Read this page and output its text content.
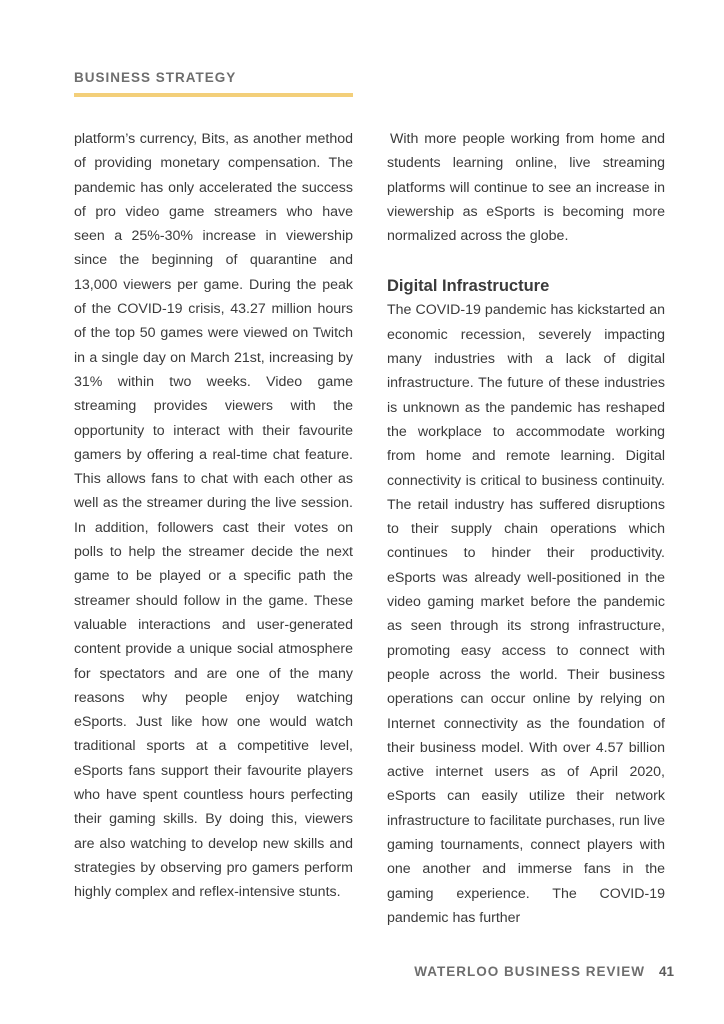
BUSINESS STRATEGY

platform’s currency, Bits, as another method of providing monetary compensation. The pandemic has only accelerated the success of pro video game streamers who have seen a 25%-30% increase in viewership since the beginning of quarantine and 13,000 viewers per game. During the peak of the COVID-19 crisis, 43.27 million hours of the top 50 games were viewed on Twitch in a single day on March 21st, increasing by 31% within two weeks. Video game streaming provides viewers with the opportunity to interact with their favourite gamers by offering a real-time chat feature. This allows fans to chat with each other as well as the streamer during the live session. In addition, followers cast their votes on polls to help the streamer decide the next game to be played or a specific path the streamer should follow in the game. These valuable interactions and user-generated content provide a unique social atmosphere for spectators and are one of the many reasons why people enjoy watching eSports. Just like how one would watch traditional sports at a competitive level, eSports fans support their favourite players who have spent countless hours perfecting their gaming skills. By doing this, viewers are also watching to develop new skills and strategies by observing pro gamers perform highly complex and reflex-intensive stunts.

With more people working from home and students learning online, live streaming platforms will continue to see an increase in viewership as eSports is becoming more normalized across the globe.

Digital Infrastructure

The COVID-19 pandemic has kickstarted an economic recession, severely impacting many industries with a lack of digital infrastructure. The future of these industries is unknown as the pandemic has reshaped the workplace to accommodate working from home and remote learning. Digital connectivity is critical to business continuity. The retail industry has suffered disruptions to their supply chain operations which continues to hinder their productivity. eSports was already well-positioned in the video gaming market before the pandemic as seen through its strong infrastructure, promoting easy access to connect with people across the world. Their business operations can occur online by relying on Internet connectivity as the foundation of their business model. With over 4.57 billion active internet users as of April 2020, eSports can easily utilize their network infrastructure to facilitate purchases, run live gaming tournaments, connect players with one another and immerse fans in the gaming experience. The COVID-19 pandemic has further

WATERLOO BUSINESS REVIEW 41
